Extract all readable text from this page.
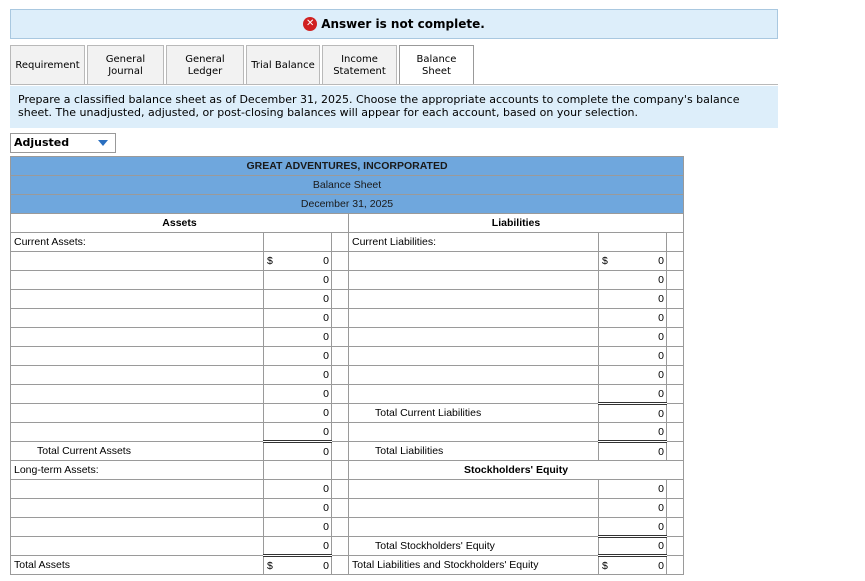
✕ Answer is not complete.
Requirement
General Journal
General Ledger
Trial Balance
Income Statement
Balance Sheet
Prepare a classified balance sheet as of December 31, 2025. Choose the appropriate accounts to complete the company's balance sheet. The unadjusted, adjusted, or post-closing balances will appear for each account, based on your selection.
Adjusted
GREAT ADVENTURES, INCORPORATED					
Balance Sheet					
December 31, 2025					
Assets			Liabilities		
Current Assets:			Current Liabilities:		

	$ 0			$ 0	
	0			0	
	0			0	
	0			0	
	0			0	
	0			0	
	0			0	
	0			0	
	0		Total Current Liabilities	0	
	0			0	
Total Current Assets	0		Total Liabilities	0	
Long-term Assets:			Stockholders' Equity		
	0			0	
	0			0	
	0			0	
	0		Total Stockholders' Equity	0	
Total Assets	$ 0		Total Liabilities and Stockholders' Equity	$ 0	
